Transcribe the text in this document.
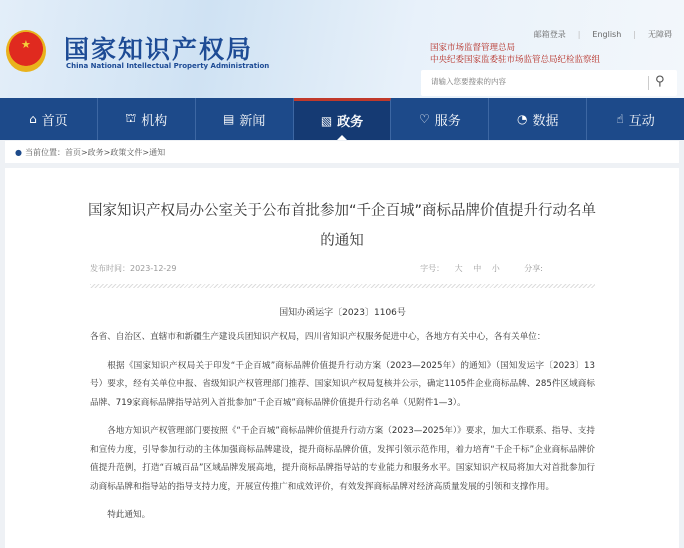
★ 国家知识产权局
China National Intellectual Property Administration
邮箱登录 | English | 无障碍
国家市场监督管理总局
中央纪委国家监委驻市场监管总局纪检监察组
请输入您要搜索的内容
⚲
⌂ 首页	⛫ 机构	▤ 新闻	▧ 政务	♡ 服务	◔ 数据	☝ 互动
● 当前位置：首页>政务>政策文件>通知
国家知识产权局办公室关于公布首批参加“千企百城”商标品牌价值提升行动名单的通知
发布时间：2023-12-29	字号： 大 中 小	分享:
国知办函运字〔2023〕1106号

各省、自治区、直辖市和新疆生产建设兵团知识产权局，四川省知识产权服务促进中心，各地方有关中心，各有关单位：

根据《国家知识产权局关于印发“千企百城”商标品牌价值提升行动方案（2023—2025年）的通知》（国知发运字〔2023〕13号）要求，经有关单位申报、省级知识产权管理部门推荐、国家知识产权局复核并公示，确定1105件企业商标品牌、285件区域商标品牌、719家商标品牌指导站列入首批参加“千企百城”商标品牌价值提升行动名单（见附件1—3）。

各地方知识产权管理部门要按照《“千企百城”商标品牌价值提升行动方案（2023—2025年）》要求，加大工作联系、指导、支持和宣传力度，引导参加行动的主体加强商标品牌建设，提升商标品牌价值，发挥引领示范作用，着力培育“千企千标”企业商标品牌价值提升范例，打造“百城百品”区域品牌发展高地，提升商标品牌指导站的专业能力和服务水平。国家知识产权局将加大对首批参加行动商标品牌和指导站的指导支持力度，开展宣传推广和成效评价，有效发挥商标品牌对经济高质量发展的引领和支撑作用。

特此通知。
